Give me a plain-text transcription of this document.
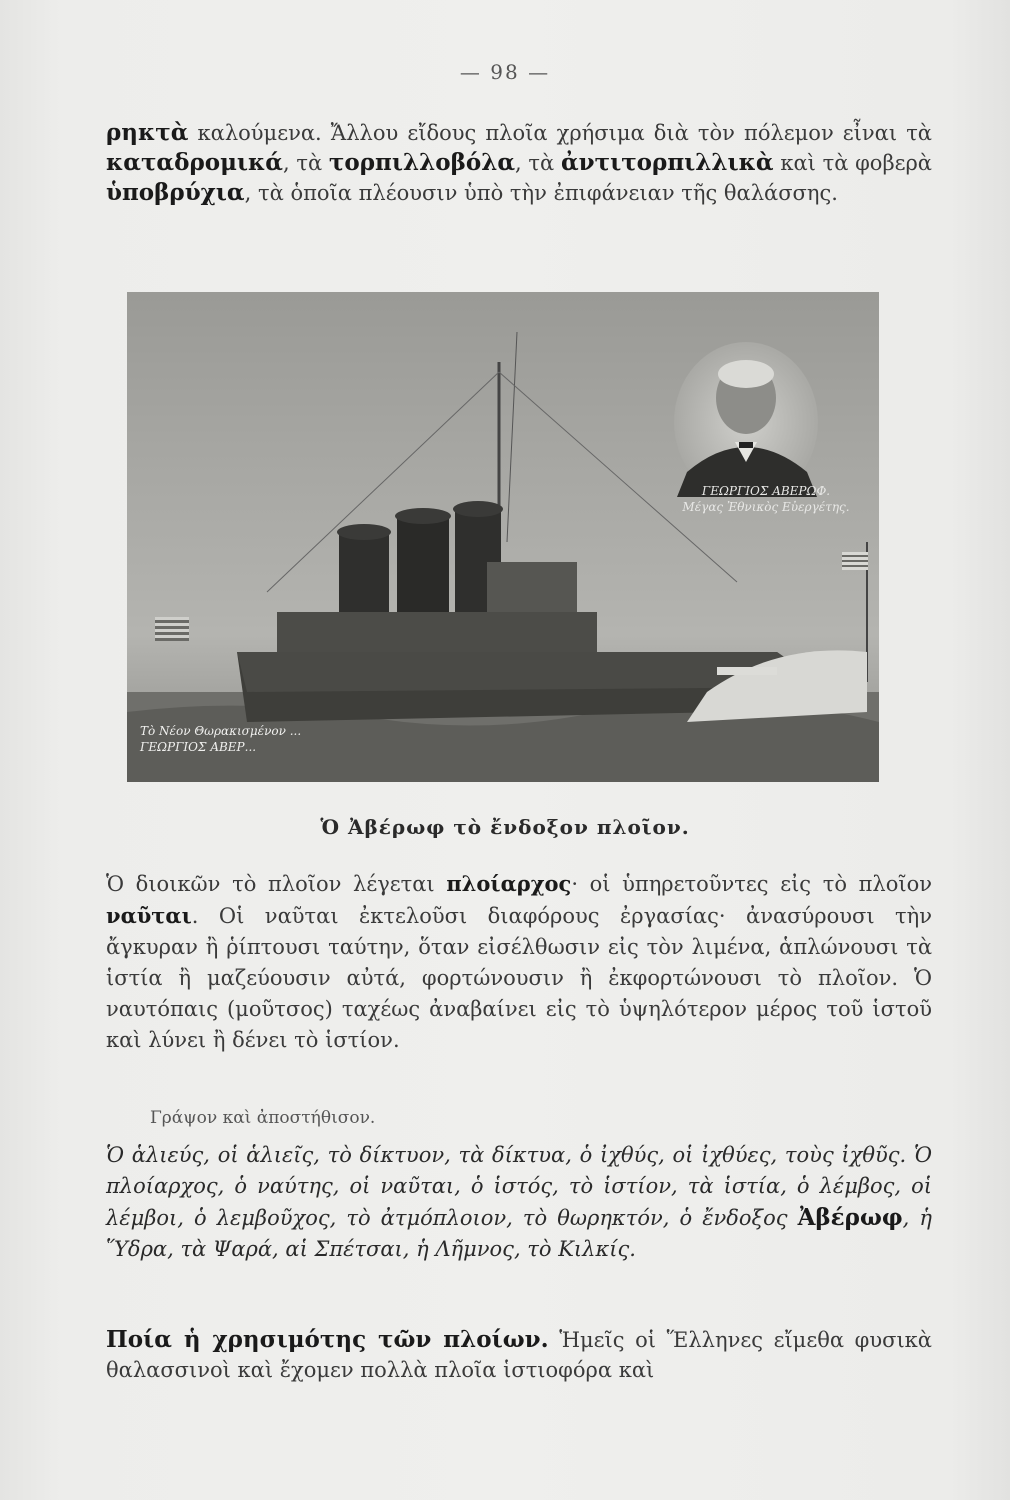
— 98 —
ρηκτὰ καλούμενα. Ἄλλου εἴδους πλοῖα χρήσιμα διὰ τὸν πόλεμον εἶναι τὰ καταδρομικά, τὰ τορπιλλοβόλα, τὰ ἀντιτορπιλλικὰ καὶ τὰ φοβερὰ ὑποβρύχια, τὰ ὁποῖα πλέουσιν ὑπὸ τὴν ἐπιφάνειαν τῆς θαλάσσης.
ΓΕΩΡΓΙΟΣ ΑΒΕΡΩΦ.
Μέγας Ἐθνικὸς Εὐεργέτης.
Τὸ Νέον Θωρακισμένον ...
ΓΕΩΡΓΙΟΣ ΑΒΕΡ...
Ὁ Ἀβέρωφ τὸ ἔνδοξον πλοῖον.
Ὁ διοικῶν τὸ πλοῖον λέγεται πλοίαρχος· οἱ ὑπηρετοῦντες εἰς τὸ πλοῖον ναῦται. Οἱ ναῦται ἐκτελοῦσι διαφόρους ἐργασίας· ἀνασύρουσι τὴν ἄγκυραν ἢ ῥίπτουσι ταύτην, ὅταν εἰσέλθωσιν εἰς τὸν λιμένα, ἁπλώνουσι τὰ ἱστία ἢ μαζεύουσιν αὐτά, φορτώνουσιν ἢ ἐκφορτώνουσι τὸ πλοῖον. Ὁ ναυτόπαις (μοῦτσος) ταχέως ἀναβαίνει εἰς τὸ ὑψηλότερον μέρος τοῦ ἱστοῦ καὶ λύνει ἢ δένει τὸ ἱστίον.
Γράψον καὶ ἀποστήθισον.
Ὁ ἁλιεύς, οἱ ἁλιεῖς, τὸ δίκτυον, τὰ δίκτυα, ὁ ἰχθύς, οἱ ἰχθύες, τοὺς ἰχθῦς. Ὁ πλοίαρχος, ὁ ναύτης, οἱ ναῦται, ὁ ἱστός, τὸ ἱστίον, τὰ ἱστία, ὁ λέμβος, οἱ λέμβοι, ὁ λεμβοῦχος, τὸ ἀτμόπλοιον, τὸ θωρηκτόν, ὁ ἔνδοξος Ἀβέρωφ, ἡ Ὕδρα, τὰ Ψαρά, αἱ Σπέτσαι, ἡ Λῆμνος, τὸ Κιλκίς.
Ποία ἡ χρησιμότης τῶν πλοίων. Ἡμεῖς οἱ Ἕλληνες εἴμεθα φυσικὰ θαλασσινοὶ καὶ ἔχομεν πολλὰ πλοῖα ἱστιοφόρα καὶ
